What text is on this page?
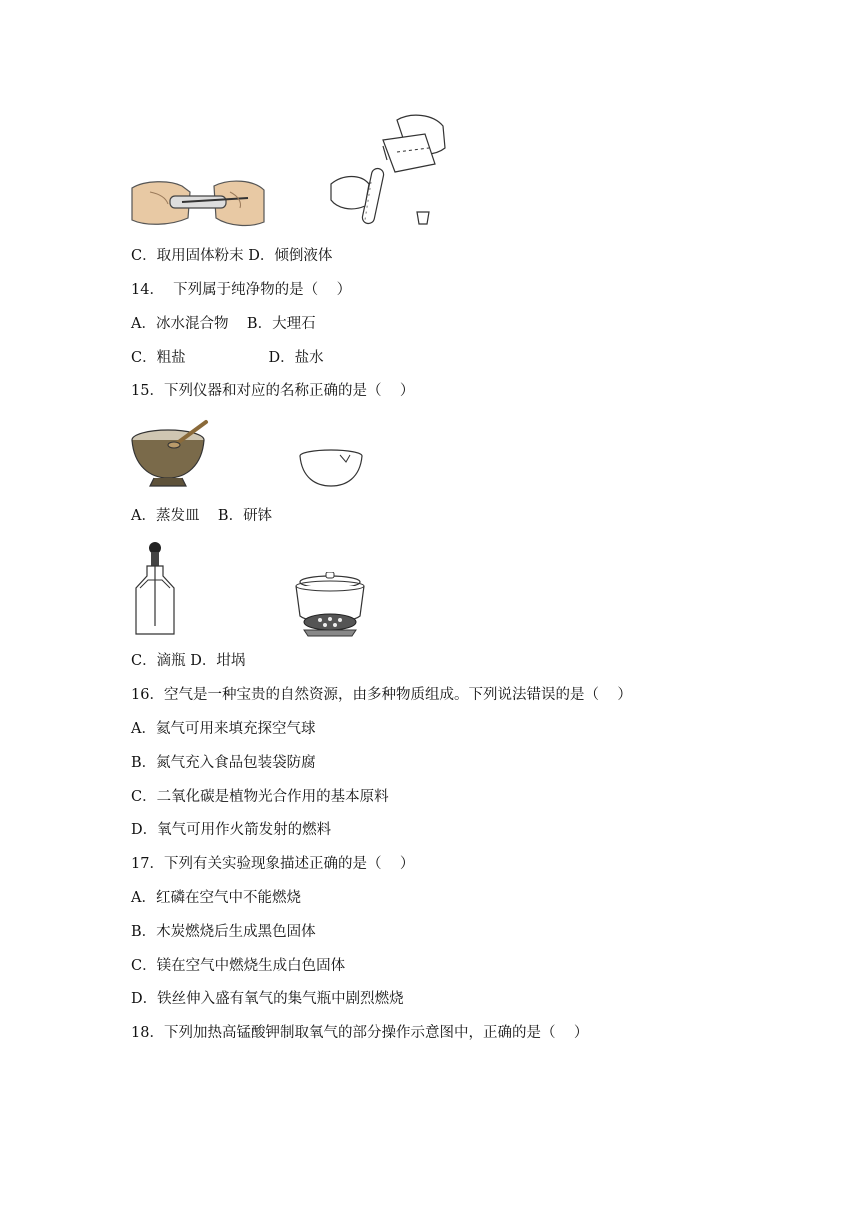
C．取用固体粉末 D．倾倒液体
14．  下列属于纯净物的是（    ）
A．冰水混合物    B．大理石
C．粗盐                  D．盐水
15．下列仪器和对应的名称正确的是（    ）
A．蒸发皿    B．研钵
C．滴瓶 D．坩埚
16．空气是一种宝贵的自然资源，由多种物质组成。下列说法错误的是（    ）
A．氦气可用来填充探空气球
B．氮气充入食品包装袋防腐
C．二氧化碳是植物光合作用的基本原料
D．氧气可用作火箭发射的燃料
17．下列有关实验现象描述正确的是（    ）
A．红磷在空气中不能燃烧
B．木炭燃烧后生成黑色固体
C．镁在空气中燃烧生成白色固体
D．铁丝伸入盛有氧气的集气瓶中剧烈燃烧
18．下列加热高锰酸钾制取氧气的部分操作示意图中，正确的是（    ）
